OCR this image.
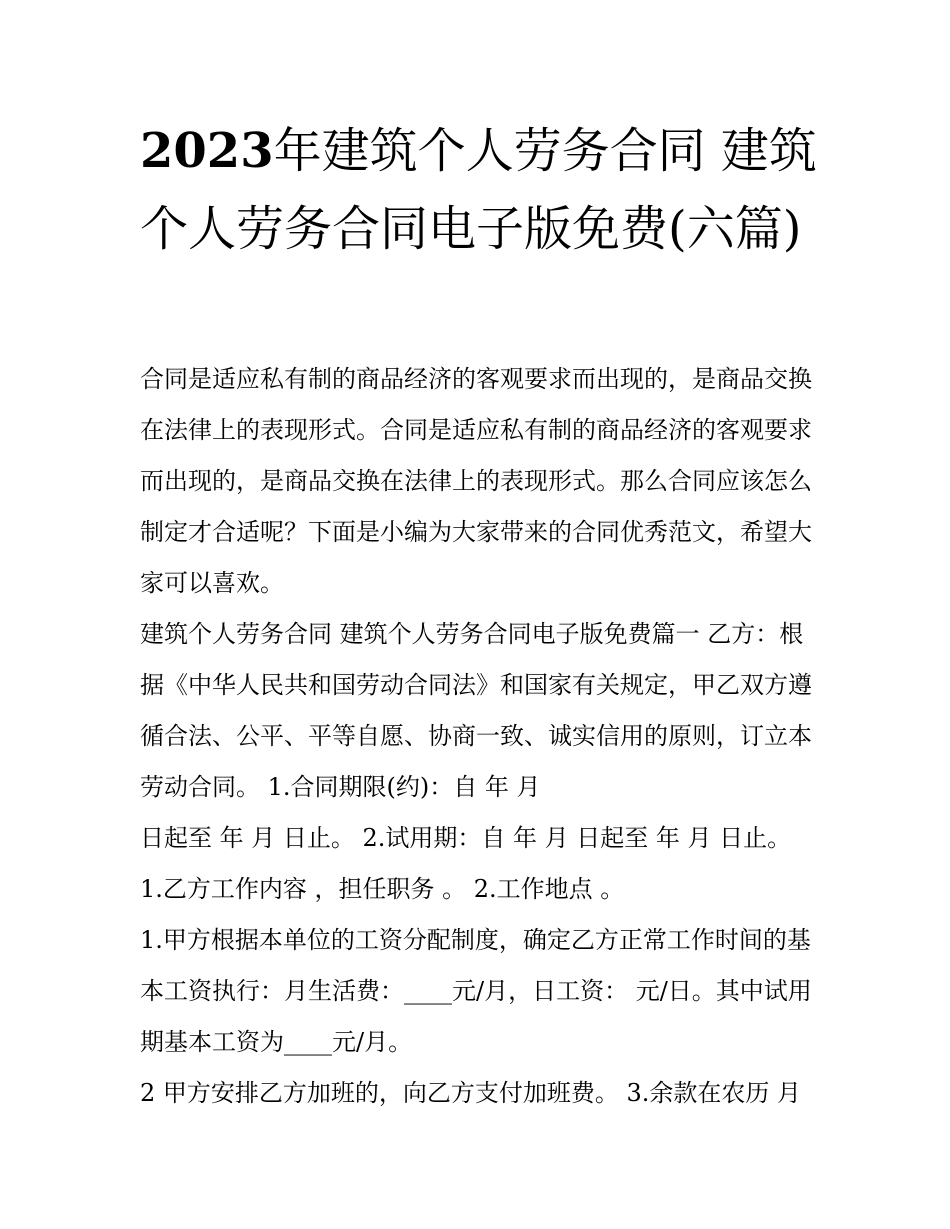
2023年建筑个人劳务合同 建筑个人劳务合同电子版免费(六篇)

合同是适应私有制的商品经济的客观要求而出现的，是商品交换在法律上的表现形式。合同是适应私有制的商品经济的客观要求而出现的，是商品交换在法律上的表现形式。那么合同应该怎么制定才合适呢？下面是小编为大家带来的合同优秀范文，希望大家可以喜欢。

建筑个人劳务合同 建筑个人劳务合同电子版免费篇一 乙方：根据《中华人民共和国劳动合同法》和国家有关规定，甲乙双方遵循合法、公平、平等自愿、协商一致、诚实信用的原则，订立本劳动合同。 1.合同期限(约)：自 年 月

日起至 年 月 日止。 2.试用期：自 年 月 日起至 年 月 日止。

1.乙方工作内容 ，担任职务 。 2.工作地点 。

1.甲方根据本单位的工资分配制度，确定乙方正常工作时间的基本工资执行：月生活费：____元/月，日工资： 元/日。其中试用期基本工资为____元/月。

2 甲方安排乙方加班的，向乙方支付加班费。 3.余款在农历 月
